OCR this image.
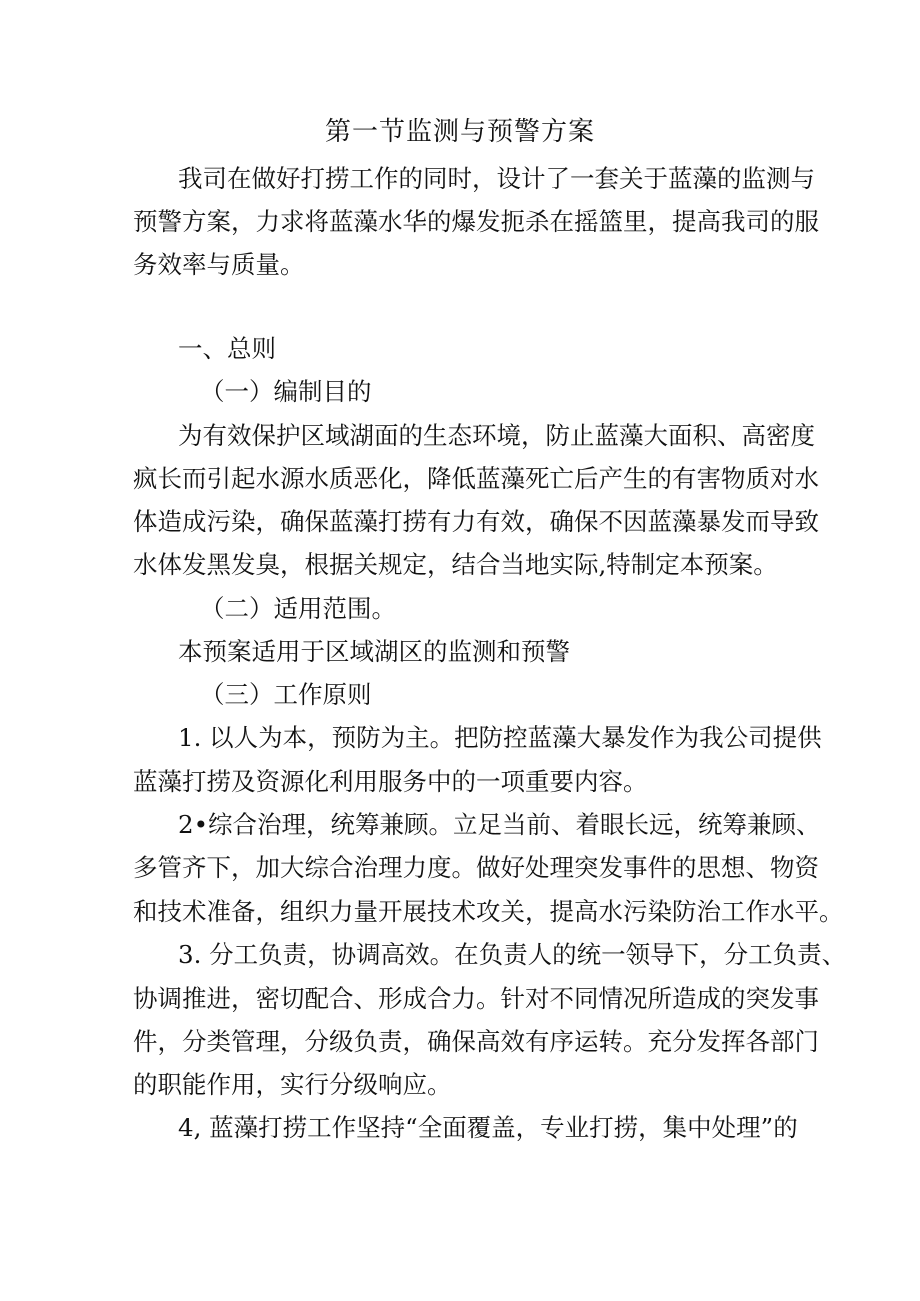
第一节监测与预警方案
我司在做好打捞工作的同时，设计了一套关于蓝藻的监测与
预警方案，力求将蓝藻水华的爆发扼杀在摇篮里，提高我司的服
务效率与质量。
一、总则
（一）编制目的
为有效保护区域湖面的生态环境，防止蓝藻大面积、高密度
疯长而引起水源水质恶化，降低蓝藻死亡后产生的有害物质对水
体造成污染，确保蓝藻打捞有力有效，确保不因蓝藻暴发而导致
水体发黑发臭，根据关规定，结合当地实际,特制定本预案。
（二）适用范围。
本预案适用于区域湖区的监测和预警
（三）工作原则
1. 以人为本，预防为主。把防控蓝藻大暴发作为我公司提供
蓝藻打捞及资源化利用服务中的一项重要内容。
2•综合治理，统筹兼顾。立足当前、着眼长远，统筹兼顾、
多管齐下，加大综合治理力度。做好处理突发事件的思想、物资
和技术准备，组织力量开展技术攻关，提高水污染防治工作水平。
3. 分工负责，协调高效。在负责人的统一领导下，分工负责、
协调推进，密切配合、形成合力。针对不同情况所造成的突发事
件，分类管理，分级负责，确保高效有序运转。充分发挥各部门
的职能作用，实行分级响应。
4, 蓝藻打捞工作坚持“全面覆盖，专业打捞，集中处理”的
